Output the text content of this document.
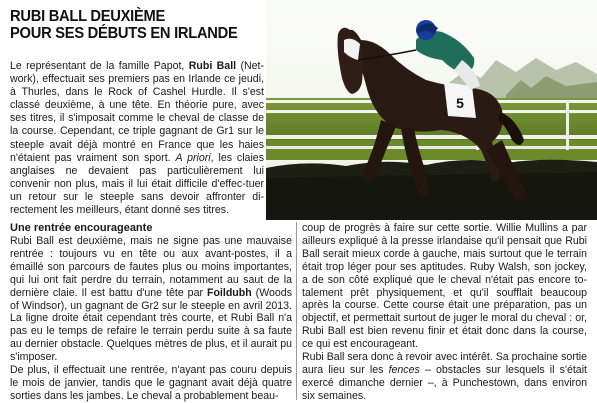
RUBI BALL DEUXIÈME
POUR SES DÉBUTS EN IRLANDE

Le représentant de la famille Papot, Rubi Ball (Net-work), effectuait ses premiers pas en Irlande ce jeudi, à Thurles, dans le Rock of Cashel Hurdle. Il s'est classé deuxième, à une tête. En théorie pure, avec ses titres, il s'imposait comme le cheval de classe de la course. Cependant, ce triple gagnant de Gr1 sur le steeple avait déjà montré en France que les haies n'étaient pas vraiment son sport. A priori, les claies anglaises ne devaient pas particulièrement lui convenir non plus, mais il lui était difficile d'effec-tuer un retour sur le steeple sans devoir affronter di-rectement les meilleurs, étant donné ses titres.

5
Une rentrée encourageante

Rubi Ball est deuxième, mais ne signe pas une mauvaise rentrée : toujours vu en tête ou aux avant-postes, il a émaillé son parcours de fautes plus ou moins importantes, qui lui ont fait perdre du terrain, notamment au saut de la dernière claie. Il est battu d'une tête par Foildubh (Woods of Windsor), un gagnant de Gr2 sur le steeple en avril 2013. La ligne droite était cependant très courte, et Rubi Ball n'a pas eu le temps de refaire le terrain perdu suite à sa faute au dernier obstacle. Quelques mètres de plus, et il aurait pu s'imposer.

De plus, il effectuait une rentrée, n'ayant pas couru depuis le mois de janvier, tandis que le gagnant avait déjà quatre sorties dans les jambes. Le cheval a probablement beau-

coup de progrès à faire sur cette sortie. Willie Mullins a par ailleurs expliqué à la presse irlandaise qu'il pensait que Rubi Ball serait mieux corde à gauche, mais surtout que le terrain était trop léger pour ses aptitudes. Ruby Walsh, son jockey, a de son côté expliqué que le cheval n'était pas encore to-talement prêt physiquement, et qu'il soufflait beaucoup après la course. Cette course était une préparation, pas un objectif, et permettait surtout de juger le moral du cheval : or, Rubi Ball est bien revenu finir et était donc dans la course, ce qui est encourageant.

Rubi Ball sera donc à revoir avec intérêt. Sa prochaine sortie aura lieu sur les fences – obstacles sur lesquels il s'était exercé dimanche dernier –, à Punchestown, dans environ six semaines.
